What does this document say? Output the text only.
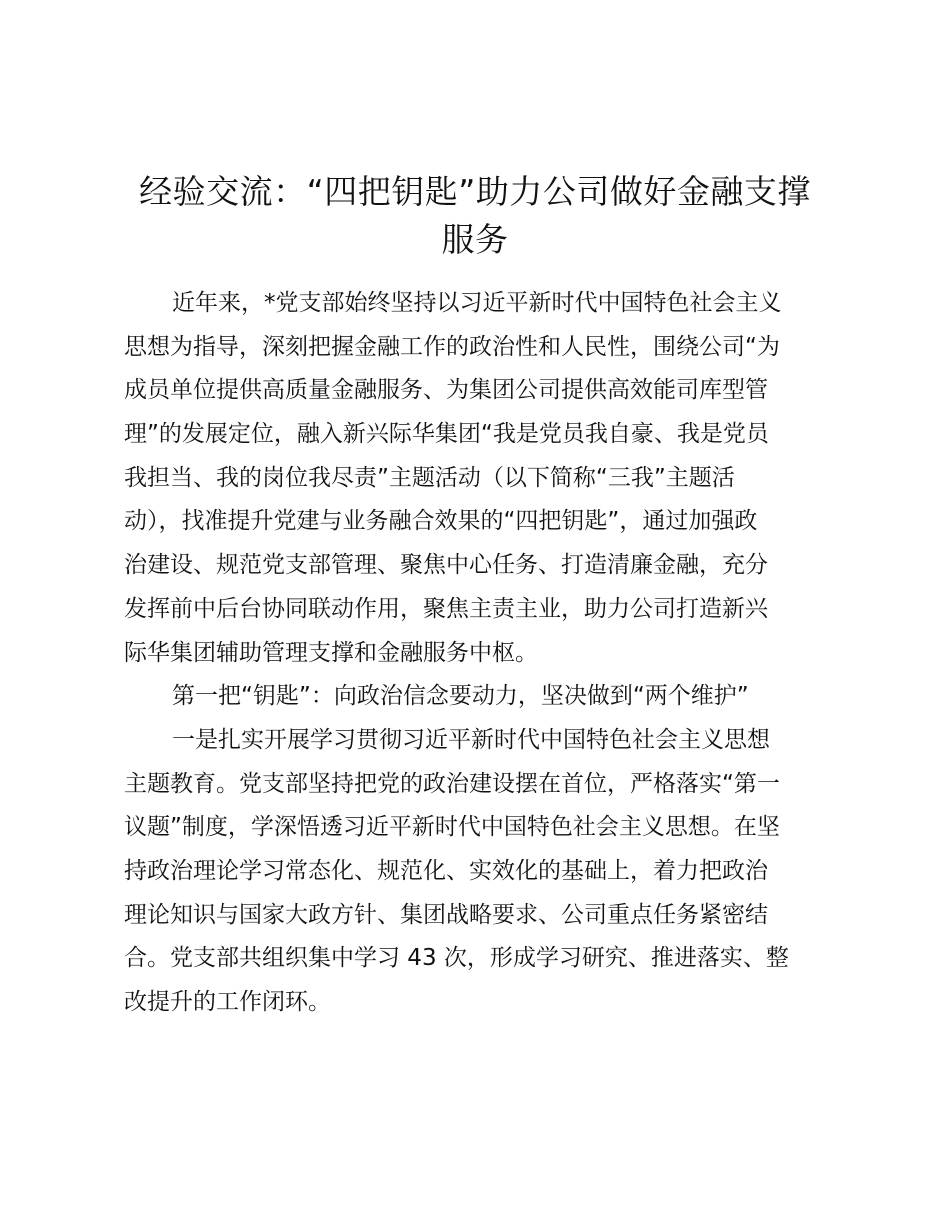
经验交流：“四把钥匙”助力公司做好金融支撑
服务
近年来，*党支部始终坚持以习近平新时代中国特色社会主义
思想为指导，深刻把握金融工作的政治性和人民性，围绕公司“为
成员单位提供高质量金融服务、为集团公司提供高效能司库型管
理”的发展定位，融入新兴际华集团“我是党员我自豪、我是党员
我担当、我的岗位我尽责”主题活动（以下简称“三我”主题活
动），找准提升党建与业务融合效果的“四把钥匙”，通过加强政
治建设、规范党支部管理、聚焦中心任务、打造清廉金融，充分
发挥前中后台协同联动作用，聚焦主责主业，助力公司打造新兴
际华集团辅助管理支撑和金融服务中枢。
第一把“钥匙”：向政治信念要动力，坚决做到“两个维护”
一是扎实开展学习贯彻习近平新时代中国特色社会主义思想
主题教育。党支部坚持把党的政治建设摆在首位，严格落实“第一
议题”制度，学深悟透习近平新时代中国特色社会主义思想。在坚
持政治理论学习常态化、规范化、实效化的基础上，着力把政治
理论知识与国家大政方针、集团战略要求、公司重点任务紧密结
合。党支部共组织集中学习 43 次，形成学习研究、推进落实、整
改提升的工作闭环。
